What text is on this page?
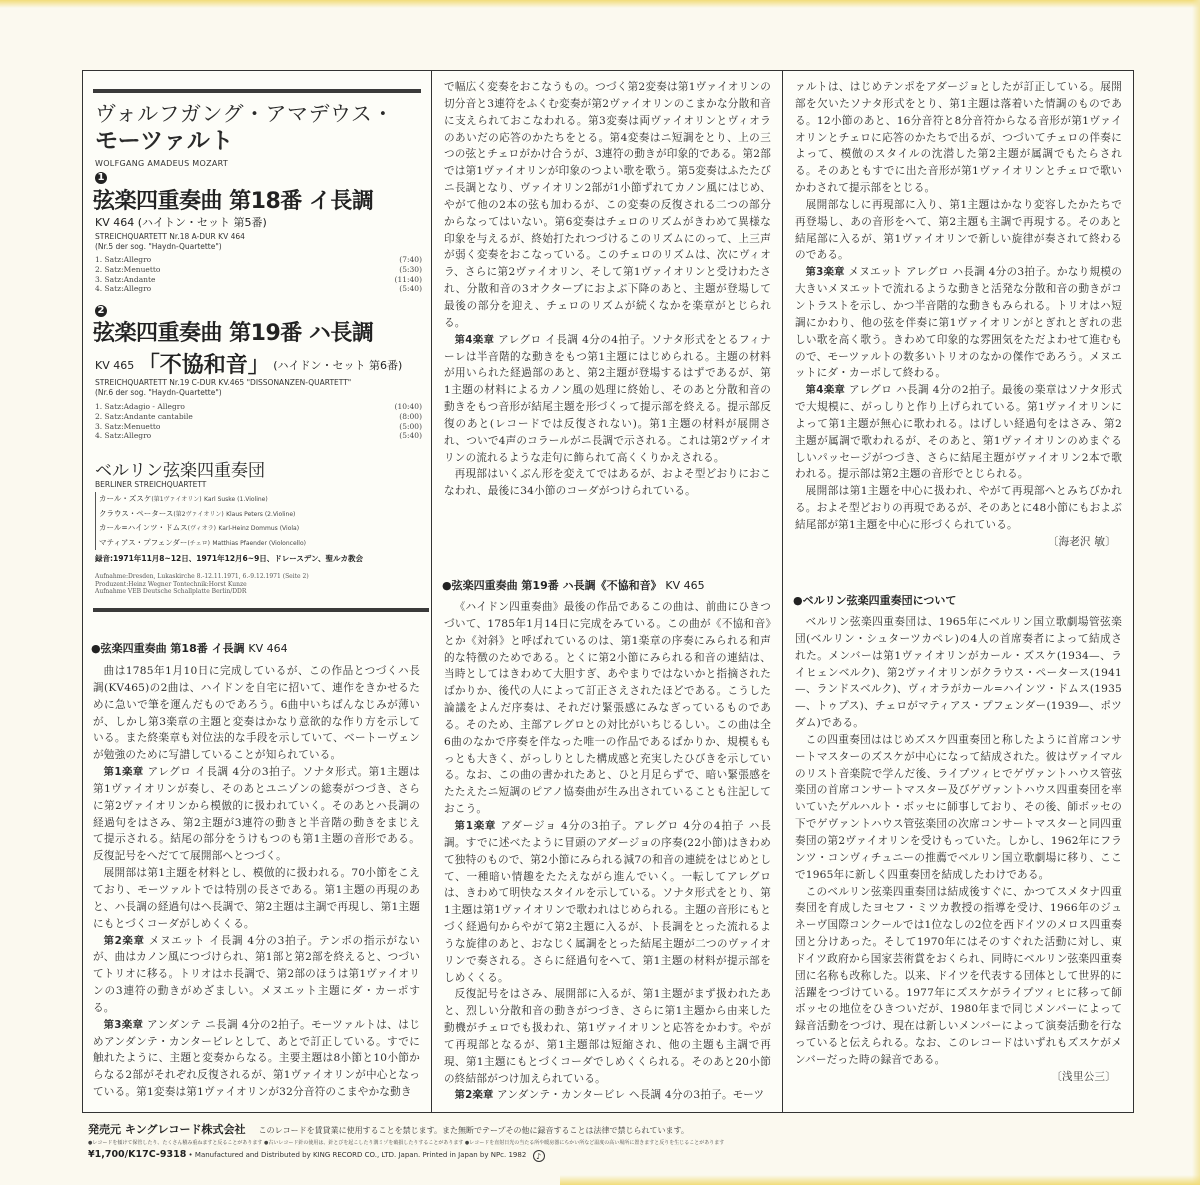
ヴォルフガング・アマデウス・
モーツァルト
WOLFGANG AMADEUS MOZART
1
弦楽四重奏曲 第18番 イ長調
KV 464 (ハイトン・セット 第5番)
STREICHQUARTETT Nr.18 A-DUR KV 464
(Nr.5 der sog. "Haydn-Quartette")
1. Satz:Allegro	(7:40)
2. Satz:Menuetto	(5:30)
3. Satz:Andante	(11:40)
4. Satz:Allegro	(5:40)
2
弦楽四重奏曲 第19番 ハ長調
KV 465 「不協和音」 (ハイドン・セット 第6番)
STREICHQUARTETT Nr.19 C-DUR KV.465 "DISSONANZEN-QUARTETT"
(Nr.6 der sog. "Haydn-Quartette")
1. Satz:Adagio - Allegro	(10:40)
2. Satz:Andante cantabile	(8:00)
3. Satz:Menuetto	(5:00)
4. Satz:Allegro	(5:40)
ベルリン弦楽四重奏団
BERLINER STREICHQUARTETT
カール・ズスケ(第1ヴァイオリン) Karl Suske (1.Violine)
クラウス・ペータース(第2ヴァイオリン) Klaus Peters (2.Violine)
カール=ハインツ・ドムス(ヴィオラ) Karl-Heinz Dommus (Viola)
マティアス・プフェンダー(チェロ) Matthias Pfaender (Violoncello)
録音:1971年11月8~12日、1971年12月6~9日、ドレースデン、聖ルカ教会
Aufnahme:Dresden, Lukaskirche 8.-12.11.1971, 6.-9.12.1971 (Seite 2)
Produzent:Heinz Wegner Tontechnik:Horst Kunze
Aufnahme VEB Deutsche Schallplatte Berlin/DDR
●弦楽四重奏曲 第18番 イ長調 KV 464

曲は1785年1月10日に完成しているが、この作品とつづくハ長調(KV465)の2曲は、ハイドンを自宅に招いて、連作をきかせるために急いで筆を運んだものであろう。6曲中いちばんなじみが薄いが、しかし第3楽章の主題と変奏はかなり意欲的な作り方を示している。また終楽章も対位法的な手段を示していて、ベートーヴェンが勉強のために写譜していることが知られている。

第1楽章 アレグロ イ長調 4分の3拍子。ソナタ形式。第1主題は第1ヴァイオリンが奏し、そのあとユニゾンの総奏がつづき、さらに第2ヴァイオリンから模倣的に扱われていく。そのあとハ長調の経過句をはさみ、第2主題が3連符の動きと半音階の動きをまじえて提示される。結尾の部分をうけもつのも第1主題の音形である。反復記号をへだてて展開部へとつづく。

展開部は第1主題を材料とし、模倣的に扱われる。70小節をこえており、モーツァルトでは特別の長さである。第1主題の再現のあと、ハ長調の経過句はヘ長調で、第2主題は主調で再現し、第1主題にもとづくコーダがしめくくる。

第2楽章 メヌエット イ長調 4分の3拍子。テンポの指示がないが、曲はカノン風につづけられ、第1部と第2部を終えると、つづいてトリオに移る。トリオはホ長調で、第2部のほうは第1ヴァイオリンの3連符の動きがめざましい。メヌエット主題にダ・カーポする。

第3楽章 アンダンテ ニ長調 4分の2拍子。モーツァルトは、はじめアンダンテ・カンタービレとして、あとで訂正している。すでに触れたように、主題と変奏からなる。主要主題は8小節と10小節からなる2部がそれぞれ反復されるが、第1ヴァイオリンが中心となっている。第1変奏は第1ヴァイオリンが32分音符のこまやかな動き

で幅広く変奏をおこなうもの。つづく第2変奏は第1ヴァイオリンの切分音と3連符をふくむ変奏が第2ヴァイオリンのこまかな分散和音に支えられておこなわれる。第3変奏は両ヴァイオリンとヴィオラのあいだの応答のかたちをとる。第4変奏はニ短調をとり、上の三つの弦とチェロがかけ合うが、3連符の動きが印象的である。第2部では第1ヴァイオリンが印象のつよい歌を歌う。第5変奏はふたたびニ長調となり、ヴァイオリン2部が1小節ずれてカノン風にはじめ、やがて他の2本の弦も加わるが、この変奏の反復される二つの部分からなってはいない。第6変奏はチェロのリズムがきわめて異様な印象を与えるが、終始打たれつづけるこのリズムにのって、上三声が弱く変奏をおこなっている。このチェロのリズムは、次にヴィオラ、さらに第2ヴァイオリン、そして第1ヴァイオリンと受けわたされ、分散和音の3オクターブにおよぶ下降のあと、主題が登場して最後の部分を迎え、チェロのリズムが続くなかを楽章がとじられる。

第4楽章 アレグロ イ長調 4分の4拍子。ソナタ形式をとるフィナーレは半音階的な動きをもつ第1主題にはじめられる。主題の材料が用いられた経過部のあと、第2主題が登場するはずであるが、第1主題の材料によるカノン風の処理に終始し、そのあと分散和音の動きをもつ音形が結尾主題を形づくって提示部を終える。提示部反復のあと(レコードでは反復されない)。第1主題の材料が展開され、ついで4声のコラールがニ長調で示される。これは第2ヴァイオリンの流れるような走句に飾られて高くくりかえされる。

再現部はいくぶん形を変えてではあるが、およそ型どおりにおこなわれ、最後に34小節のコーダがつけられている。

●弦楽四重奏曲 第19番 ハ長調《不協和音》 KV 465

《ハイドン四重奏曲》最後の作品であるこの曲は、前曲にひきつづいて、1785年1月14日に完成をみている。この曲が《不協和音》とか《対斜》と呼ばれているのは、第1楽章の序奏にみられる和声的な特徴のためである。とくに第2小節にみられる和音の連結は、当時としてはきわめて大胆すぎ、あやまりではないかと指摘されたばかりか、後代の人によって訂正さえされたほどである。こうした論議をよんだ序奏は、それだけ緊張感にみなぎっているものである。そのため、主部アレグロとの対比がいちじるしい。この曲は全6曲のなかで序奏を伴なった唯一の作品であるばかりか、規模ももっとも大きく、がっしりとした構成感と充実したひびきを示している。なお、この曲の書かれたあと、ひと月足らずで、暗い緊張感をたたえたニ短調のピアノ協奏曲が生み出されていることも注記しておこう。

第1楽章 アダージョ 4分の3拍子。アレグロ 4分の4拍子 ハ長調。すでに述べたように冒頭のアダージョの序奏(22小節)はきわめて独特のもので、第2小節にみられる減7の和音の連続をはじめとして、一種暗い情趣をたたえながら進んでいく。一転してアレグロは、きわめて明快なスタイルを示している。ソナタ形式をとり、第1主題は第1ヴァイオリンで歌われはじめられる。主題の音形にもとづく経過句からやがて第2主題に入るが、ト長調をとった流れるような旋律のあと、おなじく属調をとった結尾主題が二つのヴァイオリンで奏される。さらに経過句をへて、第1主題の材料が提示部をしめくくる。

反復記号をはさみ、展開部に入るが、第1主題がまず扱われたあと、烈しい分散和音の動きがつづき、さらに第1主題から由来した動機がチェロでも扱われ、第1ヴァイオリンと応答をかわす。やがて再現部となるが、第1主題部は短縮され、他の主題も主調で再現、第1主題にもとづくコーダでしめくくられる。そのあと20小節の終結部がつけ加えられている。

第2楽章 アンダンテ・カンタービレ ヘ長調 4分の3拍子。モーツ

ァルトは、はじめテンポをアダージョとしたが訂正している。展開部を欠いたソナタ形式をとり、第1主題は落着いた情調のものである。12小節のあと、16分音符と8分音符からなる音形が第1ヴァイオリンとチェロに応答のかたちで出るが、つづいてチェロの伴奏によって、模倣のスタイルの沈潜した第2主題が属調でもたらされる。そのあともすでに出た音形が第1ヴァイオリンとチェロで歌いかわされて提示部をとじる。

展開部なしに再現部に入り、第1主題はかなり変容したかたちで再登場し、あの音形をへて、第2主題も主調で再現する。そのあと結尾部に入るが、第1ヴァイオリンで新しい旋律が奏されて終わるのである。

第3楽章 メヌエット アレグロ ハ長調 4分の3拍子。かなり規模の大きいメヌエットで流れるような動きと活発な分散和音の動きがコントラストを示し、かつ半音階的な動きもみられる。トリオはハ短調にかわり、他の弦を伴奏に第1ヴァイオリンがとぎれとぎれの悲しい歌を高く歌う。きわめて印象的な雰囲気をただよわせて進むもので、モーツァルトの数多いトリオのなかの傑作であろう。メヌエットにダ・カーポして終わる。

第4楽章 アレグロ ハ長調 4分の2拍子。最後の楽章はソナタ形式で大規模に、がっしりと作り上げられている。第1ヴァイオリンによって第1主題が無心に歌われる。はげしい経過句をはさみ、第2主題が属調で歌われるが、そのあと、第1ヴァイオリンのめまぐるしいパッセージがつづき、さらに結尾主題がヴァイオリン2本で歌われる。提示部は第2主題の音形でとじられる。

展開部は第1主題を中心に扱われ、やがて再現部へとみちびかれる。およそ型どおりの再現であるが、そのあとに48小節にもおよぶ結尾部が第1主題を中心に形づくられている。

〔海老沢 敏〕

●ベルリン弦楽四重奏団について

ベルリン弦楽四重奏団は、1965年にベルリン国立歌劇場管弦楽団(ベルリン・シュターツカペレ)の4人の首席奏者によって結成された。メンバーは第1ヴァイオリンがカール・ズスケ(1934—、ライヒェンベルク)、第2ヴァイオリンがクラウス・ペータース(1941—、ランドスベルク)、ヴィオラがカール=ハインツ・ドムス(1935—、トゥプス)、チェロがマティアス・プフェンダー(1939—、ポツダム)である。

この四重奏団ははじめズスケ四重奏団と称したように首席コンサートマスターのズスケが中心になって結成された。彼はヴァイマルのリスト音楽院で学んだ後、ライプツィヒでゲヴァントハウス管弦楽団の首席コンサートマスター及びゲヴァントハウス四重奏団を率いていたゲルハルト・ボッセに師事しており、その後、師ボッセの下でゲヴァントハウス管弦楽団の次席コンサートマスターと同四重奏団の第2ヴァイオリンを受けもっていた。しかし、1962年にフランツ・コンヴィチュニーの推薦でベルリン国立歌劇場に移り、ここで1965年に新しく四重奏団を結成したわけである。

このベルリン弦楽四重奏団は結成後すぐに、かつてスメタナ四重奏団を育成したヨセフ・ミツカ教授の指導を受け、1966年のジュネーヴ国際コンクールでは1位なしの2位を西ドイツのメロス四重奏団と分けあった。そして1970年にはそのすぐれた活動に対し、東ドイツ政府から国家芸術賞をおくられ、同時にベルリン弦楽四重奏団に名称も改称した。以来、ドイツを代表する団体として世界的に活躍をつづけている。1977年にズスケがライプツィヒに移って師ボッセの地位をひきついだが、1980年まで同じメンバーによって録音活動をつづけ、現在は新しいメンバーによって演奏活動を行なっていると伝えられる。なお、このレコードはいずれもズスケがメンバーだった時の録音である。

〔浅里公三〕

発売元 キングレコード株式会社 このレコードを賃貸業に使用することを禁じます。また無断でテープその他に録音することは法律で禁じられています。
●レコードを傾けて保管したり、たくさん積み重ねますと反ることがあります ●古いレコード針の使用は、針とびを起こしたり溝ミゾを破損したりすることがあります ●レコードを直射日光の当たる所や暖房器にちかい所など温度の高い場所に置きますと反りを生じることがあります
¥1,700/K17C-9318 • Manufactured and Distributed by KING RECORD CO., LTD. Japan. Printed in Japan by NPc. 1982 ♪
